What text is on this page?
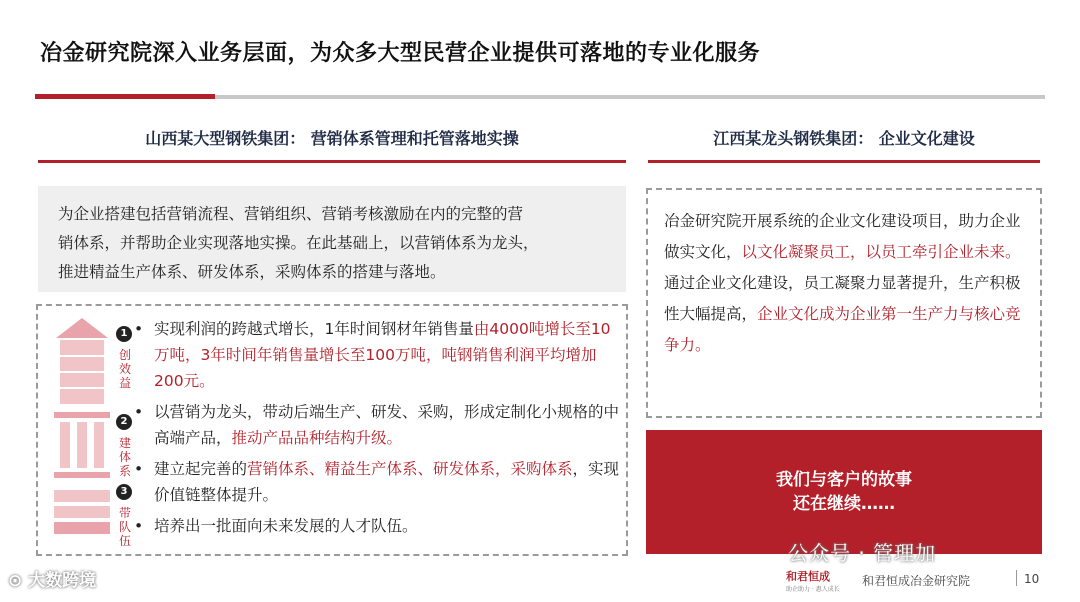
冶金研究院深入业务层面，为众多大型民营企业提供可落地的专业化服务
山西某大型钢铁集团： 营销体系管理和托管落地实操	江西某龙头钢铁集团： 企业文化建设
为企业搭建包括营销流程、营销组织、营销考核激励在内的完整的营
销体系，并帮助企业实现落地实操。在此基础上，以营销体系为龙头，
推进精益生产体系、研发体系，采购体系的搭建与落地。
1
创效益
2
建体系
3
带队伍
• 实现利润的跨越式增长，1年时间钢材年销售量由4000吨增长至10万吨，3年时间年销售量增长至100万吨，吨钢销售利润平均增加200元。
• 以营销为龙头，带动后端生产、研发、采购，形成定制化小规格的中高端产品，推动产品品种结构升级。
• 建立起完善的营销体系、精益生产体系、研发体系，采购体系，实现价值链整体提升。
• 培养出一批面向未来发展的人才队伍。

冶金研究院开展系统的企业文化建设项目，助力企业做实文化，以文化凝聚员工，以员工牵引企业未来。

通过企业文化建设，员工凝聚力显著提升，生产积极性大幅提高，企业文化成为企业第一生产力与核心竞争力。

我们与客户的故事
还在继续……
⊙ 大数跨境
公众号 · 管理加
和君恒成
助企助力 · 惠人成长
和君恒成冶金研究院	10
